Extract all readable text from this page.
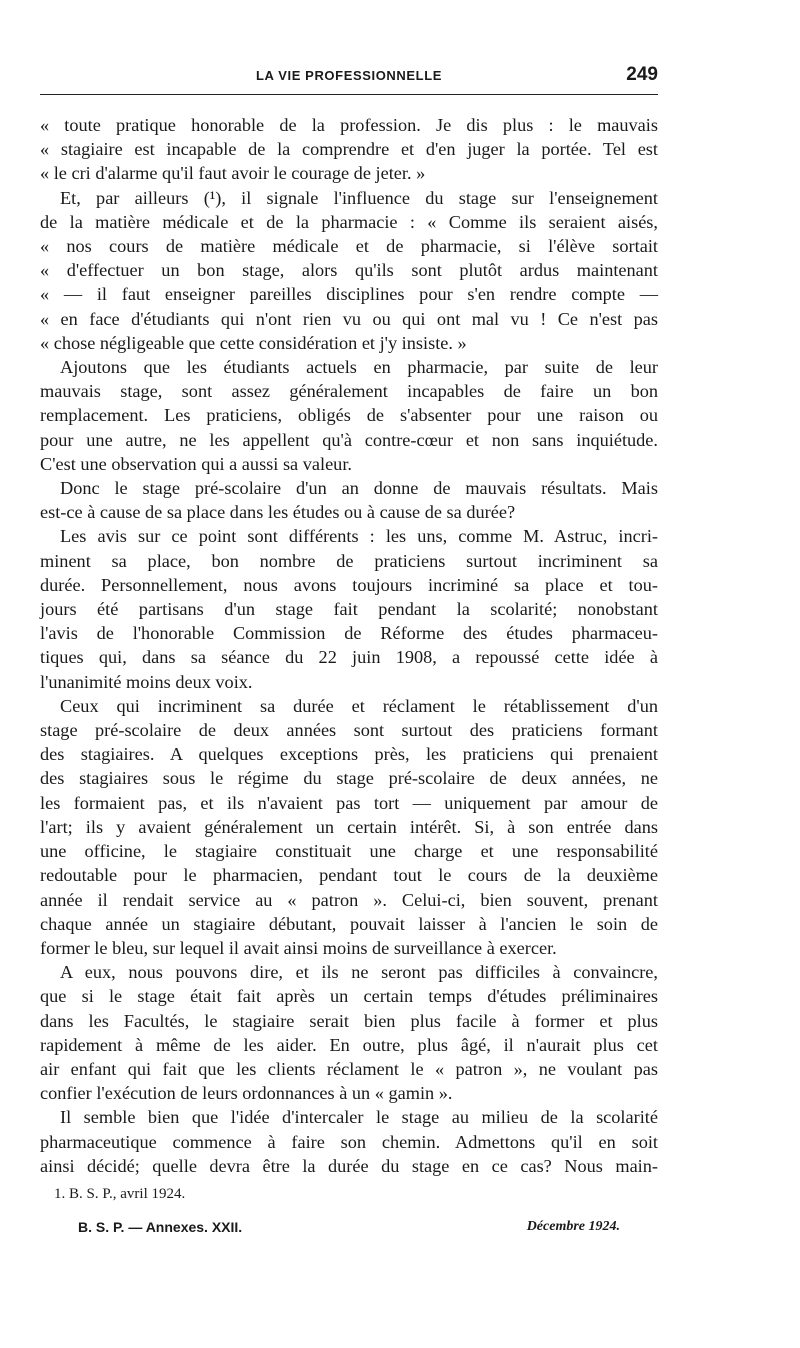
LA VIE PROFESSIONNELLE	249
« toute pratique honorable de la profession. Je dis plus : le mauvais
« stagiaire est incapable de la comprendre et d'en juger la portée. Tel est
« le cri d'alarme qu'il faut avoir le courage de jeter. »
Et, par ailleurs (¹), il signale l'influence du stage sur l'enseignement
de la matière médicale et de la pharmacie : « Comme ils seraient aisés,
« nos cours de matière médicale et de pharmacie, si l'élève sortait
« d'effectuer un bon stage, alors qu'ils sont plutôt ardus maintenant
« — il faut enseigner pareilles disciplines pour s'en rendre compte —
« en face d'étudiants qui n'ont rien vu ou qui ont mal vu ! Ce n'est pas
« chose négligeable que cette considération et j'y insiste. »
Ajoutons que les étudiants actuels en pharmacie, par suite de leur
mauvais stage, sont assez généralement incapables de faire un bon
remplacement. Les praticiens, obligés de s'absenter pour une raison ou
pour une autre, ne les appellent qu'à contre-cœur et non sans inquiétude.
C'est une observation qui a aussi sa valeur.
Donc le stage pré-scolaire d'un an donne de mauvais résultats. Mais
est-ce à cause de sa place dans les études ou à cause de sa durée?
Les avis sur ce point sont différents : les uns, comme M. Astruc, incri-
minent sa place, bon nombre de praticiens surtout incriminent sa
durée. Personnellement, nous avons toujours incriminé sa place et tou-
jours été partisans d'un stage fait pendant la scolarité; nonobstant
l'avis de l'honorable Commission de Réforme des études pharmaceu-
tiques qui, dans sa séance du 22 juin 1908, a repoussé cette idée à
l'unanimité moins deux voix.
Ceux qui incriminent sa durée et réclament le rétablissement d'un
stage pré-scolaire de deux années sont surtout des praticiens formant
des stagiaires. A quelques exceptions près, les praticiens qui prenaient
des stagiaires sous le régime du stage pré-scolaire de deux années, ne
les formaient pas, et ils n'avaient pas tort — uniquement par amour de
l'art; ils y avaient généralement un certain intérêt. Si, à son entrée dans
une officine, le stagiaire constituait une charge et une responsabilité
redoutable pour le pharmacien, pendant tout le cours de la deuxième
année il rendait service au « patron ». Celui-ci, bien souvent, prenant
chaque année un stagiaire débutant, pouvait laisser à l'ancien le soin de
former le bleu, sur lequel il avait ainsi moins de surveillance à exercer.
A eux, nous pouvons dire, et ils ne seront pas difficiles à convaincre,
que si le stage était fait après un certain temps d'études préliminaires
dans les Facultés, le stagiaire serait bien plus facile à former et plus
rapidement à même de les aider. En outre, plus âgé, il n'aurait plus cet
air enfant qui fait que les clients réclament le « patron », ne voulant pas
confier l'exécution de leurs ordonnances à un « gamin ».
Il semble bien que l'idée d'intercaler le stage au milieu de la scolarité
pharmaceutique commence à faire son chemin. Admettons qu'il en soit
ainsi décidé; quelle devra être la durée du stage en ce cas? Nous main-
1. B. S. P., avril 1924.
B. S. P. — Annexes. XXII.	Décembre 1924.
